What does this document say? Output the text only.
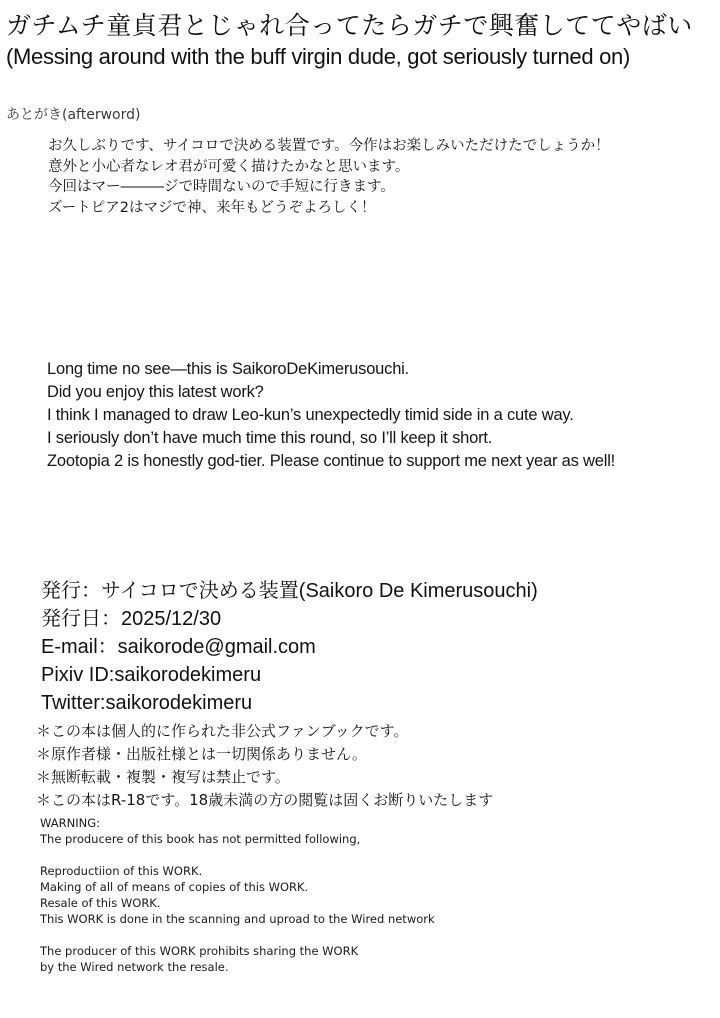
ガチムチ童貞君とじゃれ合ってたらガチで興奮しててやばい
(Messing around with the buff virgin dude, got seriously turned on)
あとがき(afterword)
お久しぶりです、サイコロで決める装置です。今作はお楽しみいただけたでしょうか！
意外と小心者なレオ君が可愛く描けたかなと思います。
今回はマー―――ジで時間ないので手短に行きます。
ズートピア2はマジで神、来年もどうぞよろしく！
Long time no see—this is SaikoroDeKimerusouchi.
Did you enjoy this latest work?
I think I managed to draw Leo-kun’s unexpectedly timid side in a cute way.
I seriously don’t have much time this round, so I’ll keep it short.
Zootopia 2 is honestly god-tier. Please continue to support me next year as well!
発行：サイコロで決める装置(Saikoro De Kimerusouchi)
発行日：2025/12/30
E-mail：saikorode@gmail.com
Pixiv ID:saikorodekimeru
Twitter:saikorodekimeru
＊この本は個人的に作られた非公式ファンブックです。
＊原作者様・出版社様とは一切関係ありません。
＊無断転載・複製・複写は禁止です。
＊この本はR-18です。18歳未満の方の閲覧は固くお断りいたします
WARNING:
The producere of this book has not permitted following,
Reproductiion of this WORK.
Making of all of means of copies of this WORK.
Resale of this WORK.
This WORK is done in the scanning and uproad to the Wired network
The producer of this WORK prohibits sharing the WORK
by the Wired network the resale.
